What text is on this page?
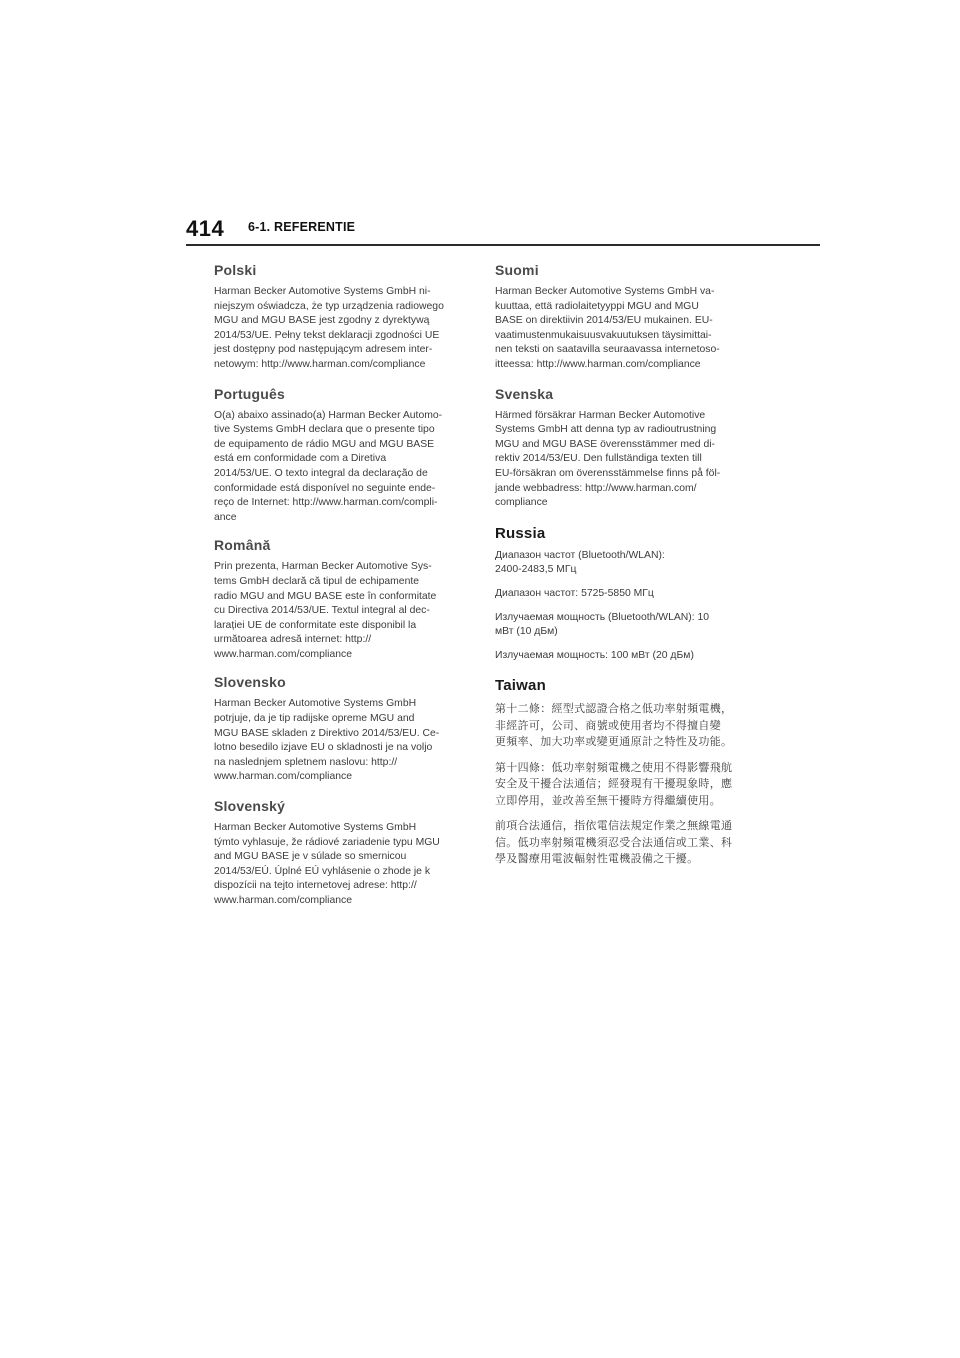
414 6-1. REFERENTIE
Polski

Harman Becker Automotive Systems GmbH ni-
niejszym oświadcza, że typ urządzenia radiowego
MGU and MGU BASE jest zgodny z dyrektywą
2014/53/UE. Pełny tekst deklaracji zgodności UE
jest dostępny pod następującym adresem inter-
netowym: http://www.harman.com/compliance

Português

O(a) abaixo assinado(a) Harman Becker Automo-
tive Systems GmbH declara que o presente tipo
de equipamento de rádio MGU and MGU BASE
está em conformidade com a Diretiva
2014/53/UE. O texto integral da declaração de
conformidade está disponível no seguinte ende-
reço de Internet: http://www.harman.com/compli-
ance

Română

Prin prezenta, Harman Becker Automotive Sys-
tems GmbH declară că tipul de echipamente
radio MGU and MGU BASE este în conformitate
cu Directiva 2014/53/UE. Textul integral al dec-
larației UE de conformitate este disponibil la
următoarea adresă internet: http://
www.harman.com/compliance

Slovensko

Harman Becker Automotive Systems GmbH
potrjuje, da je tip radijske opreme MGU and
MGU BASE skladen z Direktivo 2014/53/EU. Ce-
lotno besedilo izjave EU o skladnosti je na voljo
na naslednjem spletnem naslovu: http://
www.harman.com/compliance

Slovenský

Harman Becker Automotive Systems GmbH
týmto vyhlasuje, že rádiové zariadenie typu MGU
and MGU BASE je v súlade so smernicou
2014/53/EÚ. Úplné EÚ vyhlásenie o zhode je k
dispozícii na tejto internetovej adrese: http://
www.harman.com/compliance

Suomi

Harman Becker Automotive Systems GmbH va-
kuuttaa, että radiolaitetyyppi MGU and MGU
BASE on direktiivin 2014/53/EU mukainen. EU-
vaatimustenmukaisuusvakuutuksen täysimittai-
nen teksti on saatavilla seuraavassa internetoso-
itteessa: http://www.harman.com/compliance

Svenska

Härmed försäkrar Harman Becker Automotive
Systems GmbH att denna typ av radioutrustning
MGU and MGU BASE överensstämmer med di-
rektiv 2014/53/EU. Den fullständiga texten till
EU-försäkran om överensstämmelse finns på föl-
jande webbadress: http://www.harman.com/
compliance

Russia

Диапазон частот (Bluetooth/WLAN):
2400-2483,5 МГц

Диапазон частот: 5725-5850 МГц

Излучаемая мощность (Bluetooth/WLAN): 10
мВт (10 дБм)

Излучаемая мощность: 100 мВт (20 дБм)

Taiwan

第十二條：經型式認證合格之低功率射頻電機，
非經許可，公司、商號或使用者均不得擅自變
更頻率、加大功率或變更通原計之特性及功能。

第十四條：低功率射頻電機之使用不得影響飛航
安全及干擾合法通信；經發現有干擾現象時，應
立即停用，並改善至無干擾時方得繼續使用。

前項合法通信，指依電信法規定作業之無線電通
信。低功率射頻電機須忍受合法通信或工業、科
學及醫療用電波輻射性電機設備之干擾。
